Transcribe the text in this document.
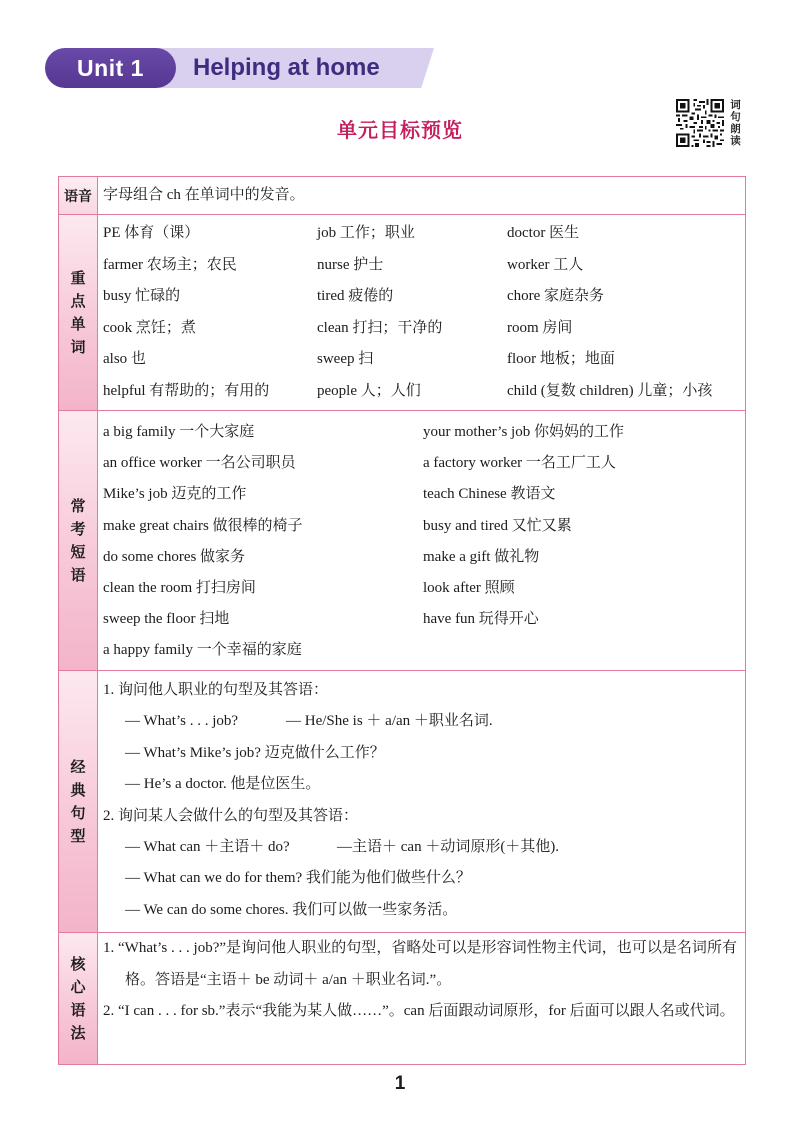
Unit 1	Helping at home
单元目标预览
词句朗读
语音 字母组合 ch 在单词中的发音。
重点单词
PE 体育（课）	job 工作；职业	doctor 医生
farmer 农场主；农民	nurse 护士	worker 工人
busy 忙碌的	tired 疲倦的	chore 家庭杂务
cook 烹饪；煮	clean 打扫；干净的	room 房间
also 也	sweep 扫	floor 地板；地面
helpful 有帮助的；有用的	people 人；人们	child (复数 children) 儿童；小孩
常考短语
a big family 一个大家庭	your mother’s job 你妈妈的工作
an office worker 一名公司职员	a factory worker 一名工厂工人
Mike’s job 迈克的工作	teach Chinese 教语文
make great chairs 做很棒的椅子	busy and tired 又忙又累
do some chores 做家务	make a gift 做礼物
clean the room 打扫房间	look after 照顾
sweep the floor 扫地	have fun 玩得开心
a happy family 一个幸福的家庭
经典句型
1. 询问他人职业的句型及其答语：
— What’s . . . job?	— He/She is ＋ a/an ＋职业名词.
— What’s Mike’s job? 迈克做什么工作？
— He’s a doctor. 他是位医生。
2. 询问某人会做什么的句型及其答语：
— What can ＋主语＋ do?	—主语＋ can ＋动词原形(＋其他).
— What can we do for them? 我们能为他们做些什么？
— We can do some chores. 我们可以做一些家务活。
核心语法

1. “What’s . . . job?”是询问他人职业的句型，省略处可以是形容词性物主代词，也可以是名词所有格。答语是“主语＋ be 动词＋ a/an ＋职业名词.”。

2. “I can . . . for sb.”表示“我能为某人做……”。can 后面跟动词原形，for 后面可以跟人名或代词。

1
